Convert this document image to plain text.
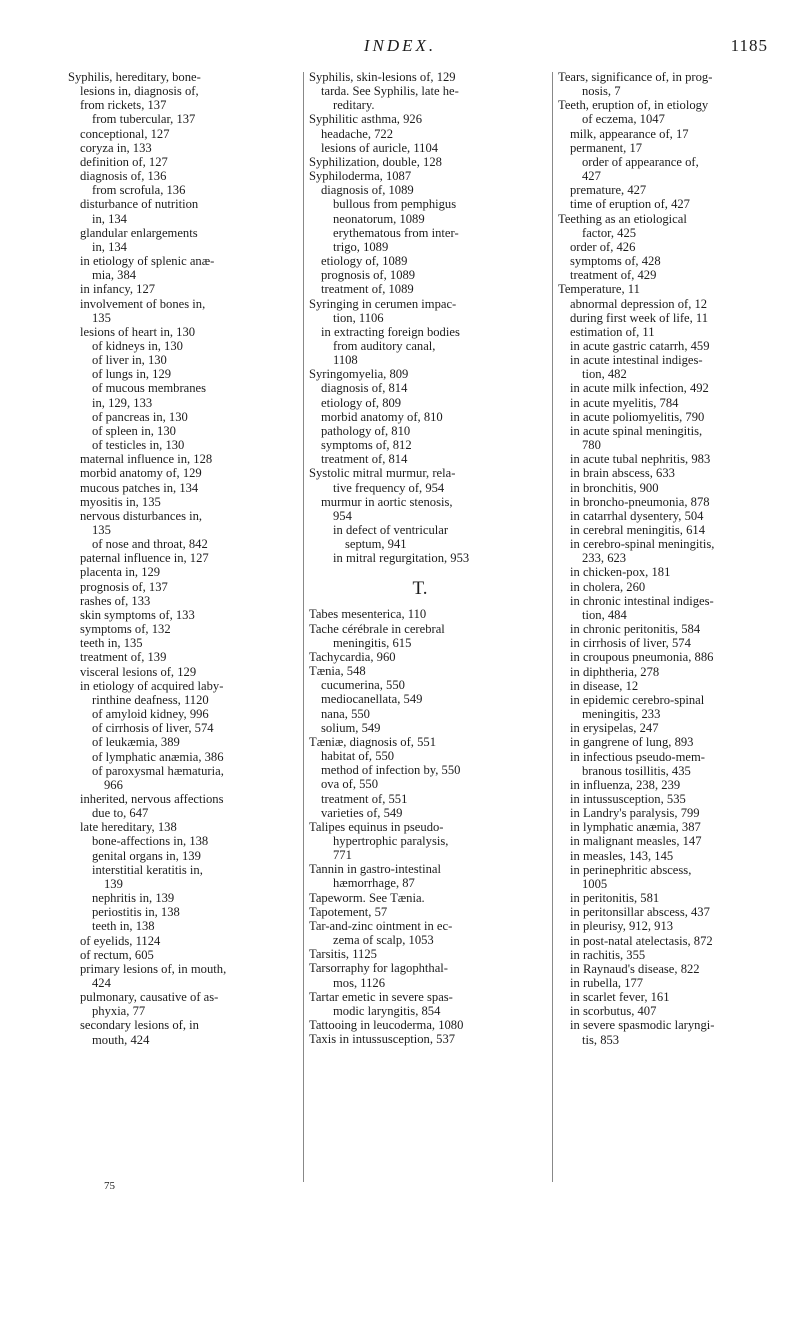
INDEX.	1185
Syphilis, hereditary, bone-
lesions in, diagnosis of,
from rickets, 137
from tubercular, 137
conceptional, 127
coryza in, 133
definition of, 127
diagnosis of, 136
from scrofula, 136
disturbance of nutrition
in, 134
glandular enlargements
in, 134
in etiology of splenic anæ-
mia, 384
in infancy, 127
involvement of bones in,
135
lesions of heart in, 130
of kidneys in, 130
of liver in, 130
of lungs in, 129
of mucous membranes
in, 129, 133
of pancreas in, 130
of spleen in, 130
of testicles in, 130
maternal influence in, 128
morbid anatomy of, 129
mucous patches in, 134
myositis in, 135
nervous disturbances in,
135
of nose and throat, 842
paternal influence in, 127
placenta in, 129
prognosis of, 137
rashes of, 133
skin symptoms of, 133
symptoms of, 132
teeth in, 135
treatment of, 139
visceral lesions of, 129
in etiology of acquired laby-
rinthine deafness, 1120
of amyloid kidney, 996
of cirrhosis of liver, 574
of leukæmia, 389
of lymphatic anæmia, 386
of paroxysmal hæmaturia,
966
inherited, nervous affections
due to, 647
late hereditary, 138
bone-affections in, 138
genital organs in, 139
interstitial keratitis in,
139
nephritis in, 139
periostitis in, 138
teeth in, 138
of eyelids, 1124
of rectum, 605
primary lesions of, in mouth,
424
pulmonary, causative of as-
phyxia, 77
secondary lesions of, in
mouth, 424
Syphilis, skin-lesions of, 129
tarda. See Syphilis, late he-
reditary.
Syphilitic asthma, 926
headache, 722
lesions of auricle, 1104
Syphilization, double, 128
Syphiloderma, 1087
diagnosis of, 1089
bullous from pemphigus
neonatorum, 1089
erythematous from inter-
trigo, 1089
etiology of, 1089
prognosis of, 1089
treatment of, 1089
Syringing in cerumen impac-
tion, 1106
in extracting foreign bodies
from auditory canal,
1108
Syringomyelia, 809
diagnosis of, 814
etiology of, 809
morbid anatomy of, 810
pathology of, 810
symptoms of, 812
treatment of, 814
Systolic mitral murmur, rela-
tive frequency of, 954
murmur in aortic stenosis,
954
in defect of ventricular
septum, 941
in mitral regurgitation, 953
T.
Tabes mesenterica, 110
Tache cérébrale in cerebral
meningitis, 615
Tachycardia, 960
Tænia, 548
cucumerina, 550
mediocanellata, 549
nana, 550
solium, 549
Tæniæ, diagnosis of, 551
habitat of, 550
method of infection by, 550
ova of, 550
treatment of, 551
varieties of, 549
Talipes equinus in pseudo-
hypertrophic paralysis,
771
Tannin in gastro-intestinal
hæmorrhage, 87
Tapeworm. See Tænia.
Tapotement, 57
Tar-and-zinc ointment in ec-
zema of scalp, 1053
Tarsitis, 1125
Tarsorraphy for lagophthal-
mos, 1126
Tartar emetic in severe spas-
modic laryngitis, 854
Tattooing in leucoderma, 1080
Taxis in intussusception, 537
Tears, significance of, in prog-
nosis, 7
Teeth, eruption of, in etiology
of eczema, 1047
milk, appearance of, 17
permanent, 17
order of appearance of,
427
premature, 427
time of eruption of, 427
Teething as an etiological
factor, 425
order of, 426
symptoms of, 428
treatment of, 429
Temperature, 11
abnormal depression of, 12
during first week of life, 11
estimation of, 11
in acute gastric catarrh, 459
in acute intestinal indiges-
tion, 482
in acute milk infection, 492
in acute myelitis, 784
in acute poliomyelitis, 790
in acute spinal meningitis,
780
in acute tubal nephritis, 983
in brain abscess, 633
in bronchitis, 900
in broncho-pneumonia, 878
in catarrhal dysentery, 504
in cerebral meningitis, 614
in cerebro-spinal meningitis,
233, 623
in chicken-pox, 181
in cholera, 260
in chronic intestinal indiges-
tion, 484
in chronic peritonitis, 584
in cirrhosis of liver, 574
in croupous pneumonia, 886
in diphtheria, 278
in disease, 12
in epidemic cerebro-spinal
meningitis, 233
in erysipelas, 247
in gangrene of lung, 893
in infectious pseudo-mem-
branous tosillitis, 435
in influenza, 238, 239
in intussusception, 535
in Landry's paralysis, 799
in lymphatic anæmia, 387
in malignant measles, 147
in measles, 143, 145
in perinephritic abscess,
1005
in peritonitis, 581
in peritonsillar abscess, 437
in pleurisy, 912, 913
in post-natal atelectasis, 872
in rachitis, 355
in Raynaud's disease, 822
in rubella, 177
in scarlet fever, 161
in scorbutus, 407
in severe spasmodic laryngi-
tis, 853
75
